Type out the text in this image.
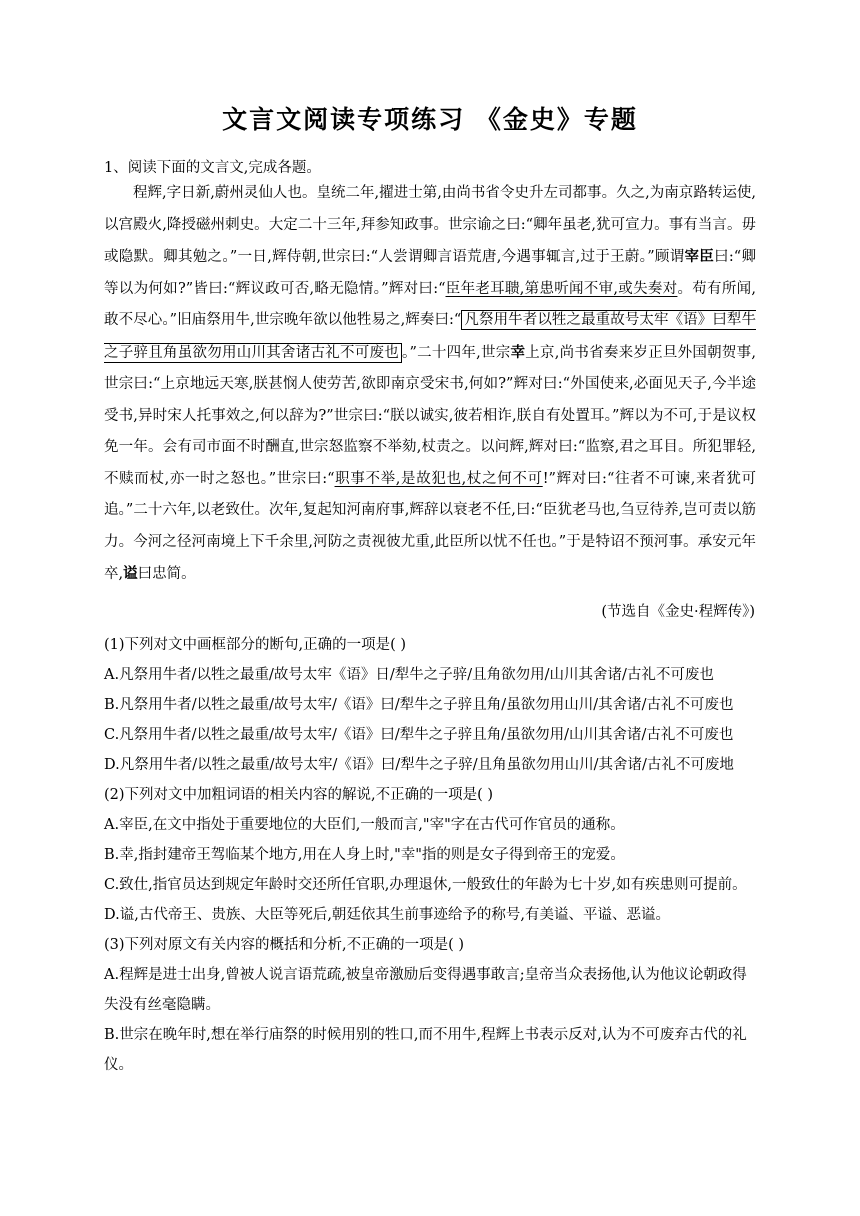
文言文阅读专项练习 《金史》专题
1、阅读下面的文言文,完成各题。

程辉,字日新,蔚州灵仙人也。皇统二年,擢进士第,由尚书省令史升左司都事。久之,为南京路转运使,以宫殿火,降授磁州刺史。大定二十三年,拜参知政事。世宗谕之曰:“卿年虽老,犹可宣力。事有当言。毋或隐默。卿其勉之。”一日,辉侍朝,世宗曰:“人尝谓卿言语荒唐,今遇事辄言,过于王蔚。”顾谓宰臣曰:“卿等以为何如?”皆曰:“辉议政可否,略无隐情。”辉对曰:“臣年老耳聩,第患听闻不审,或失奏对。苟有所闻,敢不尽心。”旧庙祭用牛,世宗晚年欲以他牲易之,辉奏曰:“ 凡祭用牛者以牲之最重故号太牢《语》曰犁牛之子骍且角虽欲勿用山川其舍诸古礼不可废也 。”二十四年,世宗幸上京,尚书省奏来岁正旦外国朝贺事,世宗曰:“上京地远天寒,朕甚悯人使劳苦,欲即南京受宋书,何如?”辉对曰:“外国使来,必面见天子,今半途受书,异时宋人托事效之,何以辞为?”世宗曰:“朕以诚实,彼若相诈,朕自有处置耳。”辉以为不可,于是议权免一年。会有司市面不时酬直,世宗怒监察不举劾,杖责之。以问辉,辉对曰:“监察,君之耳目。所犯罪轻,不赎而杖,亦一时之怒也。”世宗曰:“职事不举,是故犯也,杖之何不可!”辉对曰:“往者不可谏,来者犹可追。”二十六年,以老致仕。次年,复起知河南府事,辉辞以衰老不任,曰:“臣犹老马也,刍豆待养,岂可责以筋力。今河之径河南境上下千余里,河防之责视彼尤重,此臣所以忧不任也。”于是特诏不预河事。承安元年卒,谥曰忠简。

(节选自《金史·程辉传》)
(1)下列对文中画框部分的断句,正确的一项是( )
A.凡祭用牛者/以牲之最重/故号太牢《语》日/犁牛之子骍/且角欲勿用/山川其舍诸/古礼不可废也
B.凡祭用牛者/以牲之最重/故号太牢/《语》曰/犁牛之子骍且角/虽欲勿用山川/其舍诸/古礼不可废也
C.凡祭用牛者/以牲之最重/故号太牢/《语》曰/犁牛之子骍且角/虽欲勿用/山川其舍诸/古礼不可废也
D.凡祭用牛者/以牲之最重/故号太牢/《语》曰/犁牛之子骍/且角虽欲勿用山川/其舍诸/古礼不可废地
(2)下列对文中加粗词语的相关内容的解说,不正确的一项是( )
A.宰臣,在文中指处于重要地位的大臣们,一般而言,"宰"字在古代可作官员的通称。
B.幸,指封建帝王驾临某个地方,用在人身上时,"幸"指的则是女子得到帝王的宠爱。
C.致仕,指官员达到规定年龄时交还所任官职,办理退休,一般致仕的年龄为七十岁,如有疾患则可提前。
D.谥,古代帝王、贵族、大臣等死后,朝廷依其生前事迹给予的称号,有美谥、平谥、恶谥。
(3)下列对原文有关内容的概括和分析,不正确的一项是( )
A.程辉是进士出身,曾被人说言语荒疏,被皇帝激励后变得遇事敢言;皇帝当众表扬他,认为他议论朝政得失没有丝毫隐瞒。
B.世宗在晚年时,想在举行庙祭的时候用别的牲口,而不用牛,程辉上书表示反对,认为不可废弃古代的礼仪。
